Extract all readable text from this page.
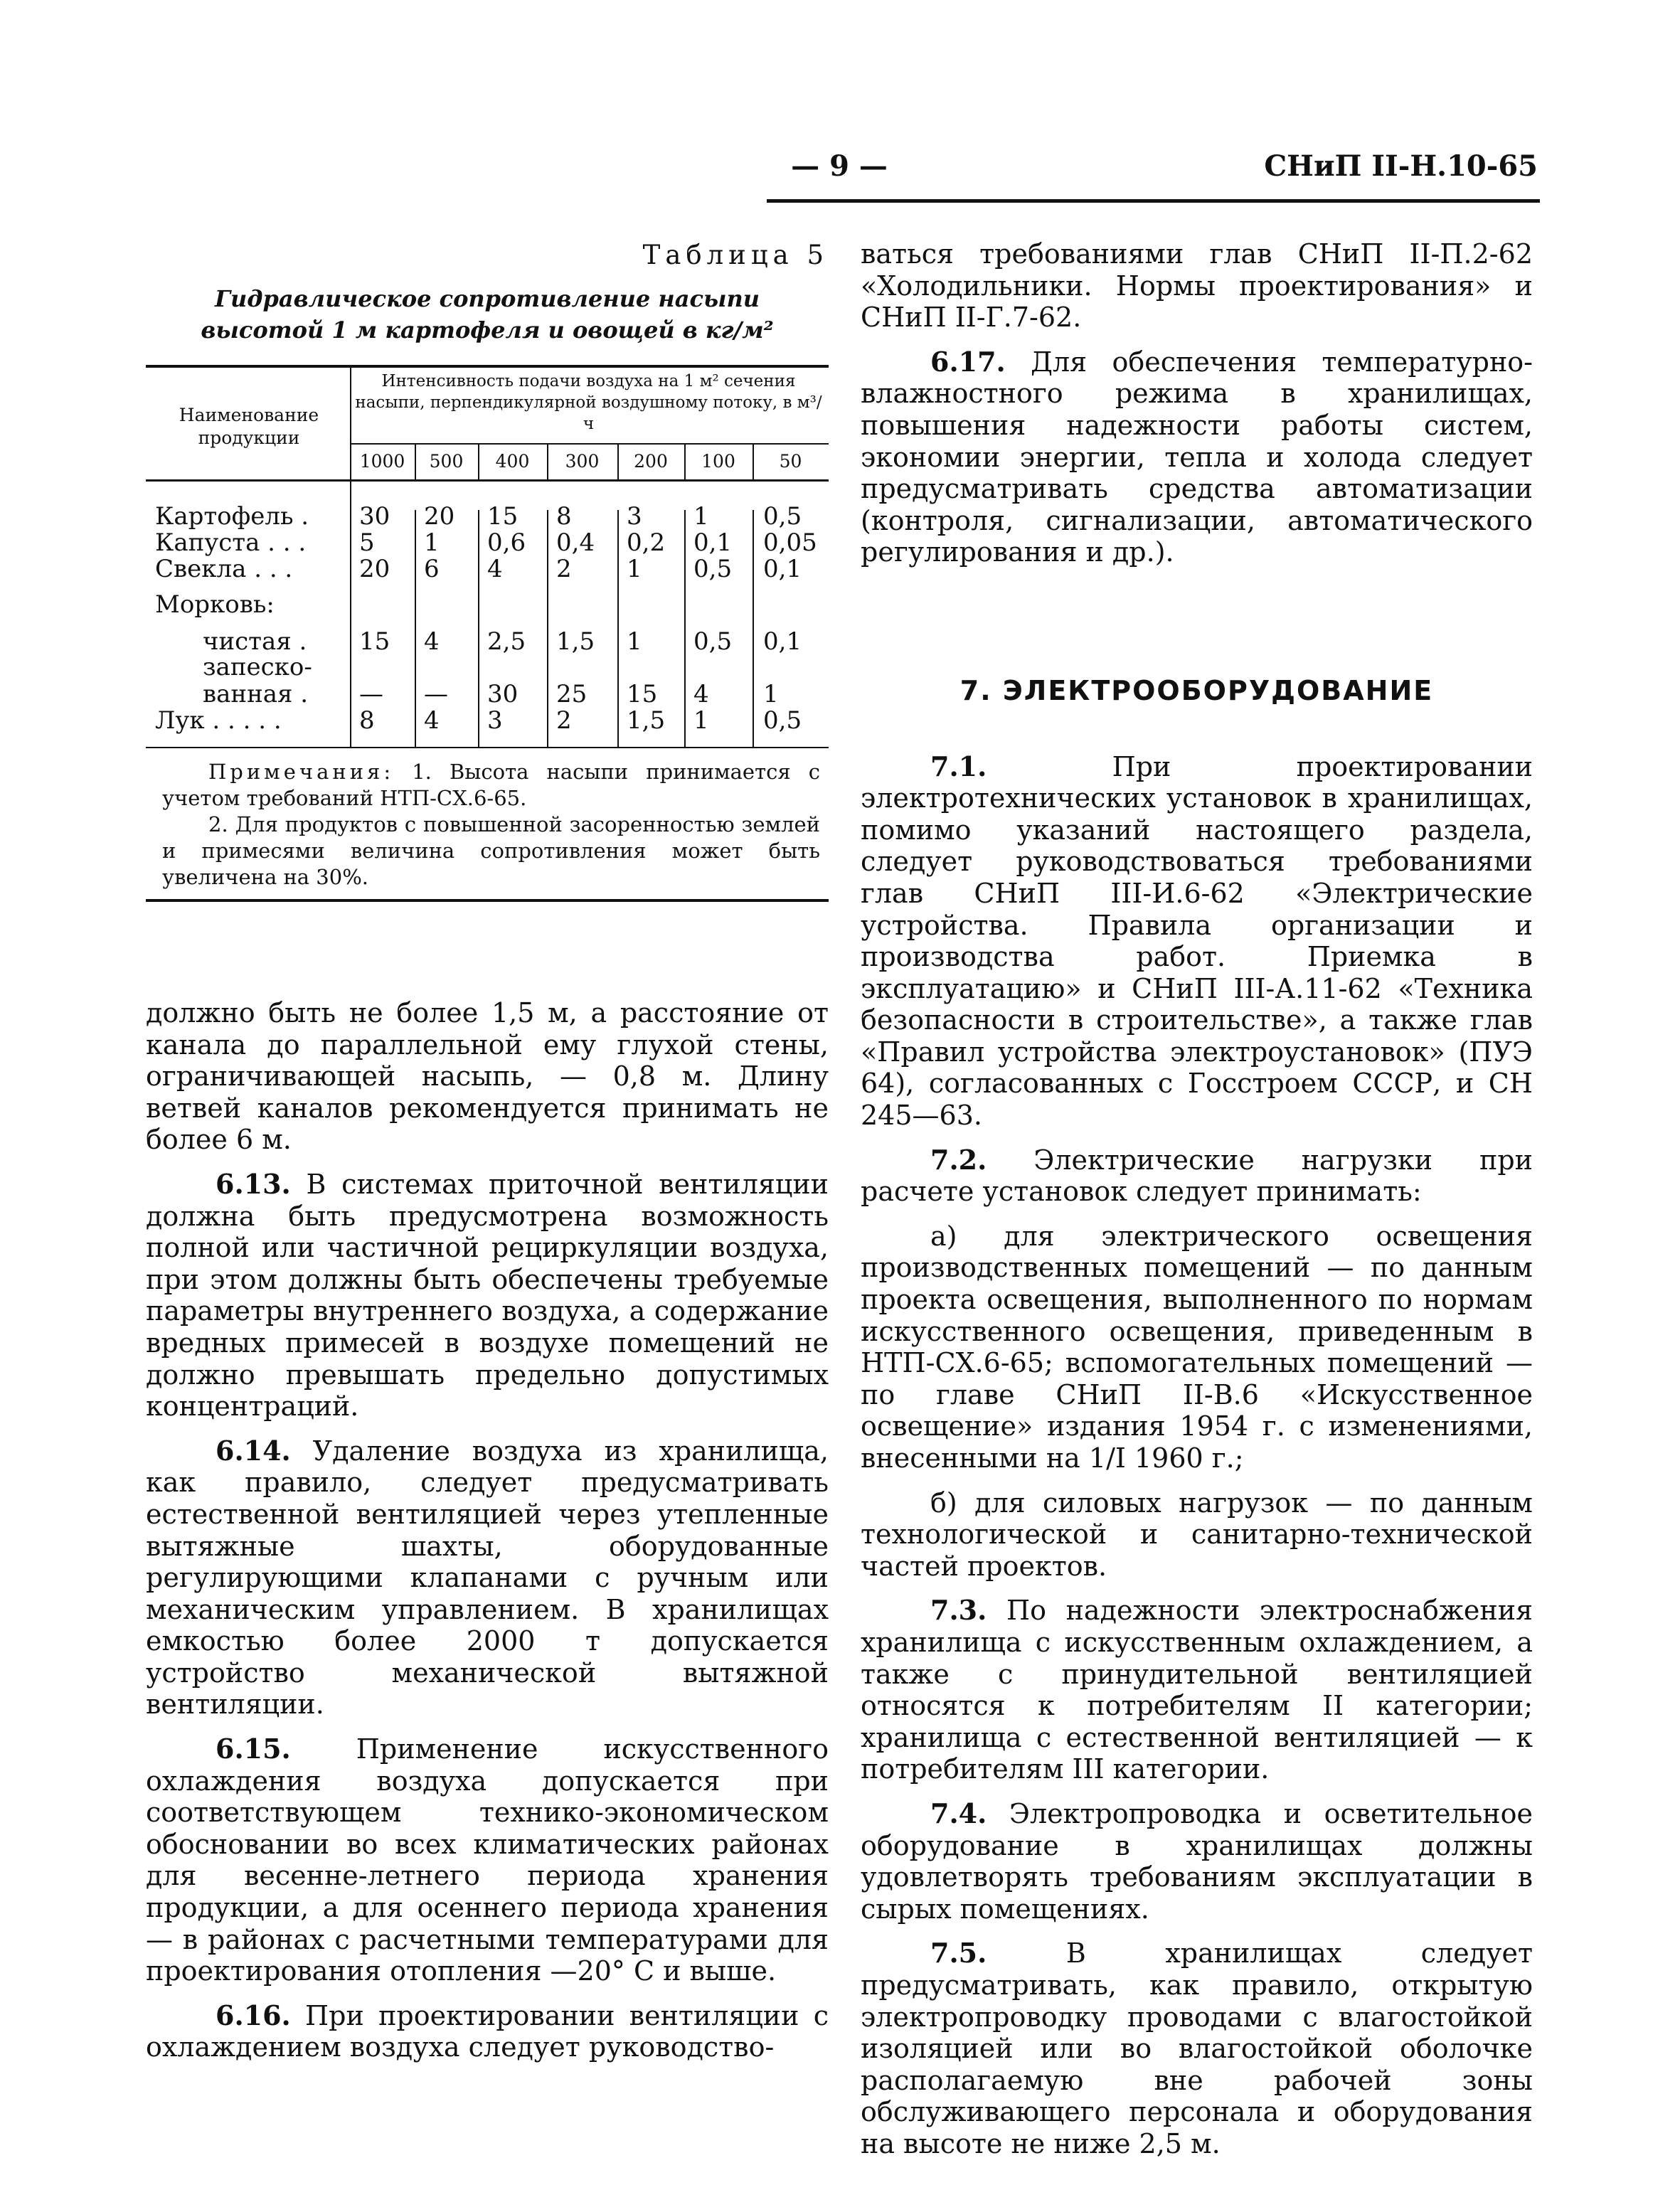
— 9 —	СНиП II-Н.10-65
Таблица 5
Гидравлическое сопротивление насыпи
высотой 1 м картофеля и овощей в кг/м²
Наименование продукции
Интенсивность подачи воздуха на 1 м² сечения насыпи, перпендикулярной воздушному потоку, в м³/ч
1000	500	400	300	200	100	50
Картофель . 30 20 15 8 3 1 0,5
Капуста . . . 5 1 0,6 0,4 0,2 0,1 0,05
Свекла . . .	20 6 4 2 1 0,5 0,1
Морковь:
чистая . 15 4 2,5 1,5 1 0,5 0,1
запеско-
ванная . — — 30 25 15 4 1
Лук . . . . .	8 4 3 2 1,5 1 0,5

Примечания: 1. Высота насыпи принимается с учетом требований НТП-СХ.6-65.

2. Для продуктов с повышенной засоренностью землей и примесями величина сопротивления может быть увеличена на 30%.

должно быть не более 1,5 м, а расстояние от канала до параллельной ему глухой стены, ограничивающей насыпь, — 0,8 м. Длину ветвей каналов рекомендуется принимать не более 6 м.

6.13. В системах приточной вентиляции должна быть предусмотрена возможность полной или частичной рециркуляции воздуха, при этом должны быть обеспечены требуемые параметры внутреннего воздуха, а содержание вредных примесей в воздухе помещений не должно превышать предельно допустимых концентраций.

6.14. Удаление воздуха из хранилища, как правило, следует предусматривать естественной вентиляцией через утепленные вытяжные шахты, оборудованные регулирующими клапанами с ручным или механическим управлением. В хранилищах емкостью более 2000 т допускается устройство механической вытяжной вентиляции.

6.15. Применение искусственного охлаждения воздуха допускается при соответствующем технико-экономическом обосновании во всех климатических районах для весенне-летнего периода хранения продукции, а для осеннего периода хранения — в районах с расчетными температурами для проектирования отопления —20° С и выше.

6.16. При проектировании вентиляции с охлаждением воздуха следует руководство-

ваться требованиями глав СНиП II-П.2-62 «Холодильники. Нормы проектирования» и СНиП II-Г.7-62.

6.17. Для обеспечения температурно-влажностного режима в хранилищах, повышения надежности работы систем, экономии энергии, тепла и холода следует предусматривать средства автоматизации (контроля, сигнализации, автоматического регулирования и др.).

7. ЭЛЕКТРООБОРУДОВАНИЕ

7.1.	При проектировании электротехнических установок в хранилищах, помимо указаний настоящего раздела, следует руководствоваться требованиями глав СНиП III-И.6-62 «Электрические устройства. Правила организации и производства работ. Приемка в эксплуатацию» и СНиП III-А.11-62 «Техника безопасности в строительстве», а также глав «Правил устройства электроустановок» (ПУЭ 64), согласованных с Госстроем СССР, и СН 245—63.

7.2. Электрические нагрузки при расчете установок следует принимать:

а) для электрического освещения производственных помещений — по данным проекта освещения, выполненного по нормам искусственного освещения, приведенным в НТП-СХ.6-65; вспомогательных помещений — по главе СНиП II-В.6 «Искусственное освещение» издания 1954 г. с изменениями, внесенными на 1/I 1960 г.;

б) для силовых нагрузок — по данным технологической и санитарно-технической частей проектов.

7.3. По надежности электроснабжения хранилища с искусственным охлаждением, а также с принудительной вентиляцией относятся к потребителям II категории; хранилища с естественной вентиляцией — к потребителям III категории.

7.4. Электропроводка и осветительное оборудование в хранилищах должны удовлетворять требованиям эксплуатации в сырых помещениях.

7.5.	В хранилищах следует предусматривать, как правило, открытую электропроводку проводами с влагостойкой изоляцией или во влагостойкой оболочке располагаемую вне рабочей зоны обслуживающего персонала и оборудования на высоте не ниже 2,5 м.
